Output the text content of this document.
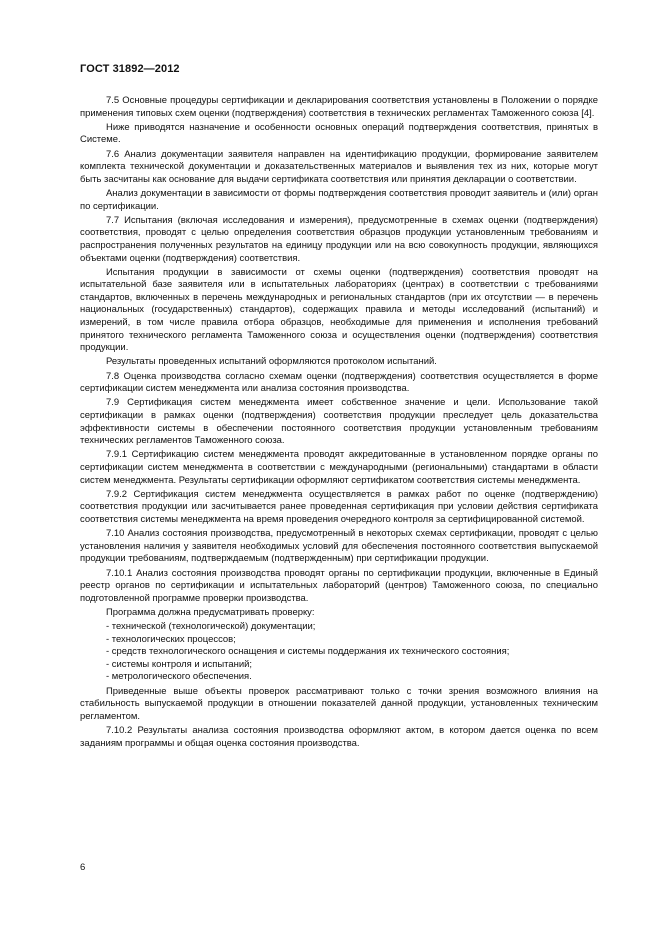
ГОСТ 31892—2012

7.5 Основные процедуры сертификации и декларирования соответствия установлены в Положении о порядке применения типовых схем оценки (подтверждения) соответствия в технических регламентах Таможенного союза [4].

Ниже приводятся назначение и особенности основных операций подтверждения соответствия, принятых в Системе.

7.6 Анализ документации заявителя направлен на идентификацию продукции, формирование заявителем комплекта технической документации и доказательственных материалов и выявления тех из них, которые могут быть засчитаны как основание для выдачи сертификата соответствия или принятия декларации о соответствии.

Анализ документации в зависимости от формы подтверждения соответствия проводит заявитель и (или) орган по сертификации.

7.7 Испытания (включая исследования и измерения), предусмотренные в схемах оценки (подтверждения) соответствия, проводят с целью определения соответствия образцов продукции установленным требованиям и распространения полученных результатов на единицу продукции или на всю совокупность продукции, являющихся объектами оценки (подтверждения) соответствия.

Испытания продукции в зависимости от схемы оценки (подтверждения) соответствия проводят на испытательной базе заявителя или в испытательных лабораториях (центрах) в соответствии с требованиями стандартов, включенных в перечень международных и региональных стандартов (при их отсутствии — в перечень национальных (государственных) стандартов), содержащих правила и методы исследований (испытаний) и измерений, в том числе правила отбора образцов, необходимые для применения и исполнения требований принятого технического регламента Таможенного союза и осуществления оценки (подтверждения) соответствия продукции.

Результаты проведенных испытаний оформляются протоколом испытаний.

7.8 Оценка производства согласно схемам оценки (подтверждения) соответствия осуществляется в форме сертификации систем менеджмента или анализа состояния производства.

7.9 Сертификация систем менеджмента имеет собственное значение и цели. Использование такой сертификации в рамках оценки (подтверждения) соответствия продукции преследует цель доказательства эффективности системы в обеспечении постоянного соответствия продукции установленным требованиям технических регламентов Таможенного союза.

7.9.1 Сертификацию систем менеджмента проводят аккредитованные в установленном порядке органы по сертификации систем менеджмента в соответствии с международными (региональными) стандартами в области систем менеджмента. Результаты сертификации оформляют сертификатом соответствия системы менеджмента.

7.9.2 Сертификация систем менеджмента осуществляется в рамках работ по оценке (подтверждению) соответствия продукции или засчитывается ранее проведенная сертификация при условии действия сертификата соответствия системы менеджмента на время проведения очередного контроля за сертифицированной системой.

7.10 Анализ состояния производства, предусмотренный в некоторых схемах сертификации, проводят с целью установления наличия у заявителя необходимых условий для обеспечения постоянного соответствия выпускаемой продукции требованиям, подтверждаемым (подтвержденным) при сертификации продукции.

7.10.1 Анализ состояния производства проводят органы по сертификации продукции, включенные в Единый реестр органов по сертификации и испытательных лабораторий (центров) Таможенного союза, по специально подготовленной программе проверки производства.

Программа должна предусматривать проверку:

- технической (технологической) документации;

- технологических процессов;

- средств технологического оснащения и системы поддержания их технического состояния;

- системы контроля и испытаний;

- метрологического обеспечения.

Приведенные выше объекты проверок рассматривают только с точки зрения возможного влияния на стабильность выпускаемой продукции в отношении показателей данной продукции, установленных техническим регламентом.

7.10.2 Результаты анализа состояния производства оформляют актом, в котором дается оценка по всем заданиям программы и общая оценка состояния производства.

6
